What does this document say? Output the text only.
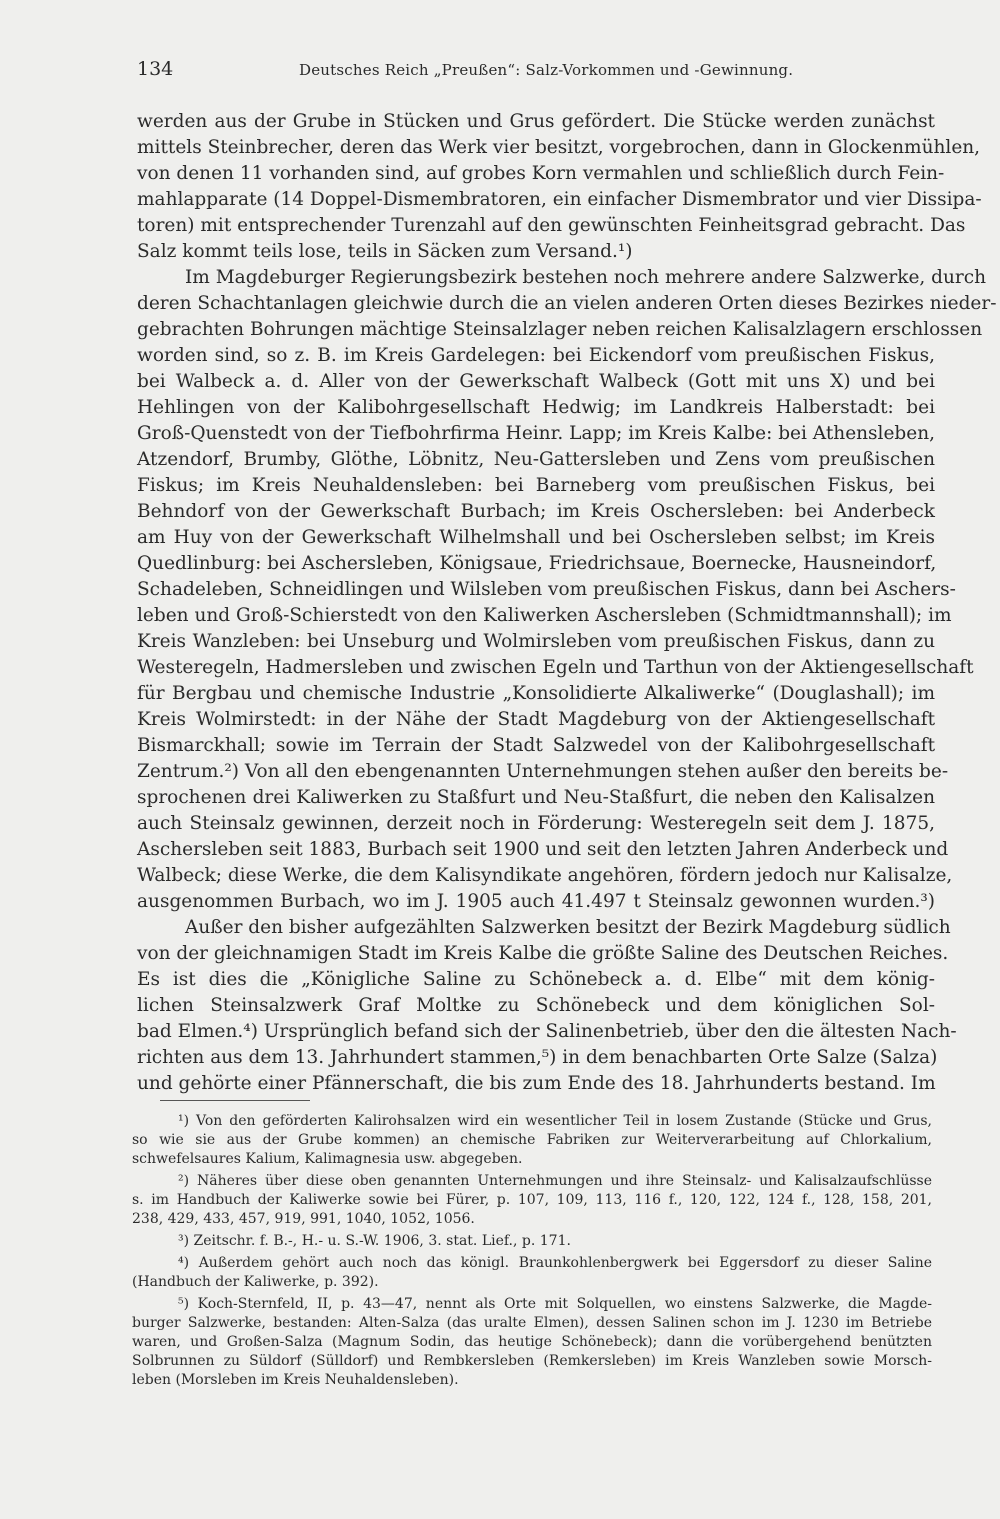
134	Deutsches Reich „Preußen“: Salz-Vorkommen und -Gewinnung.
werden aus der Grube in Stücken und Grus gefördert. Die Stücke werden zunächst
mittels Steinbrecher, deren das Werk vier besitzt, vorgebrochen, dann in Glockenmühlen,
von denen 11 vorhanden sind, auf grobes Korn vermahlen und schließlich durch Fein-
mahlapparate (14 Doppel-Dismembratoren, ein einfacher Dismembrator und vier Dissipa-
toren) mit entsprechender Turenzahl auf den gewünschten Feinheitsgrad gebracht. Das
Salz kommt teils lose, teils in Säcken zum Versand.¹)
Im Magdeburger Regierungsbezirk bestehen noch mehrere andere Salzwerke, durch
deren Schachtanlagen gleichwie durch die an vielen anderen Orten dieses Bezirkes nieder-
gebrachten Bohrungen mächtige Steinsalzlager neben reichen Kalisalzlagern erschlossen
worden sind, so z. B. im Kreis Gardelegen: bei Eickendorf vom preußischen Fiskus,
bei Walbeck a. d. Aller von der Gewerkschaft Walbeck (Gott mit uns X) und bei
Hehlingen von der Kalibohrgesellschaft Hedwig; im Landkreis Halberstadt: bei
Groß-Quenstedt von der Tiefbohrfirma Heinr. Lapp; im Kreis Kalbe: bei Athensleben,
Atzendorf, Brumby, Glöthe, Löbnitz, Neu-Gattersleben und Zens vom preußischen
Fiskus; im Kreis Neuhaldensleben: bei Barneberg vom preußischen Fiskus, bei
Behndorf von der Gewerkschaft Burbach; im Kreis Oschersleben: bei Anderbeck
am Huy von der Gewerkschaft Wilhelmshall und bei Oschersleben selbst; im Kreis
Quedlinburg: bei Aschersleben, Königsaue, Friedrichsaue, Boernecke, Hausneindorf,
Schadeleben, Schneidlingen und Wilsleben vom preußischen Fiskus, dann bei Aschers-
leben und Groß-Schierstedt von den Kaliwerken Aschersleben (Schmidtmannshall); im
Kreis Wanzleben: bei Unseburg und Wolmirsleben vom preußischen Fiskus, dann zu
Westeregeln, Hadmersleben und zwischen Egeln und Tarthun von der Aktiengesellschaft
für Bergbau und chemische Industrie „Konsolidierte Alkaliwerke“ (Douglashall); im
Kreis Wolmirstedt: in der Nähe der Stadt Magdeburg von der Aktiengesellschaft
Bismarckhall; sowie im Terrain der Stadt Salzwedel von der Kalibohrgesellschaft
Zentrum.²) Von all den ebengenannten Unternehmungen stehen außer den bereits be-
sprochenen drei Kaliwerken zu Staßfurt und Neu-Staßfurt, die neben den Kalisalzen
auch Steinsalz gewinnen, derzeit noch in Förderung: Westeregeln seit dem J. 1875,
Aschersleben seit 1883, Burbach seit 1900 und seit den letzten Jahren Anderbeck und
Walbeck; diese Werke, die dem Kalisyndikate angehören, fördern jedoch nur Kalisalze,
ausgenommen Burbach, wo im J. 1905 auch 41.497 t Steinsalz gewonnen wurden.³)
Außer den bisher aufgezählten Salzwerken besitzt der Bezirk Magdeburg südlich
von der gleichnamigen Stadt im Kreis Kalbe die größte Saline des Deutschen Reiches.
Es ist dies die „Königliche Saline zu Schönebeck a. d. Elbe“ mit dem könig-
lichen Steinsalzwerk Graf Moltke zu Schönebeck und dem königlichen Sol-
bad Elmen.⁴) Ursprünglich befand sich der Salinenbetrieb, über den die ältesten Nach-
richten aus dem 13. Jahrhundert stammen,⁵) in dem benachbarten Orte Salze (Salza)
und gehörte einer Pfännerschaft, die bis zum Ende des 18. Jahrhunderts bestand. Im
¹) Von den geförderten Kalirohsalzen wird ein wesentlicher Teil in losem Zustande (Stücke und Grus,
so wie sie aus der Grube kommen) an chemische Fabriken zur Weiterverarbeitung auf Chlorkalium,
schwefelsaures Kalium, Kalimagnesia usw. abgegeben.
²) Näheres über diese oben genannten Unternehmungen und ihre Steinsalz- und Kalisalzaufschlüsse
s. im Handbuch der Kaliwerke sowie bei Fürer, p. 107, 109, 113, 116 f., 120, 122, 124 f., 128, 158, 201,
238, 429, 433, 457, 919, 991, 1040, 1052, 1056.
³) Zeitschr. f. B.-, H.- u. S.-W. 1906, 3. stat. Lief., p. 171.
⁴) Außerdem gehört auch noch das königl. Braunkohlenbergwerk bei Eggersdorf zu dieser Saline
(Handbuch der Kaliwerke, p. 392).
⁵) Koch-Sternfeld, II, p. 43—47, nennt als Orte mit Solquellen, wo einstens Salzwerke, die Magde-
burger Salzwerke, bestanden: Alten-Salza (das uralte Elmen), dessen Salinen schon im J. 1230 im Betriebe
waren, und Großen-Salza (Magnum Sodin, das heutige Schönebeck); dann die vorübergehend benützten
Solbrunnen zu Süldorf (Sülldorf) und Rembkersleben (Remkersleben) im Kreis Wanzleben sowie Morsch-
leben (Morsleben im Kreis Neuhaldensleben).
